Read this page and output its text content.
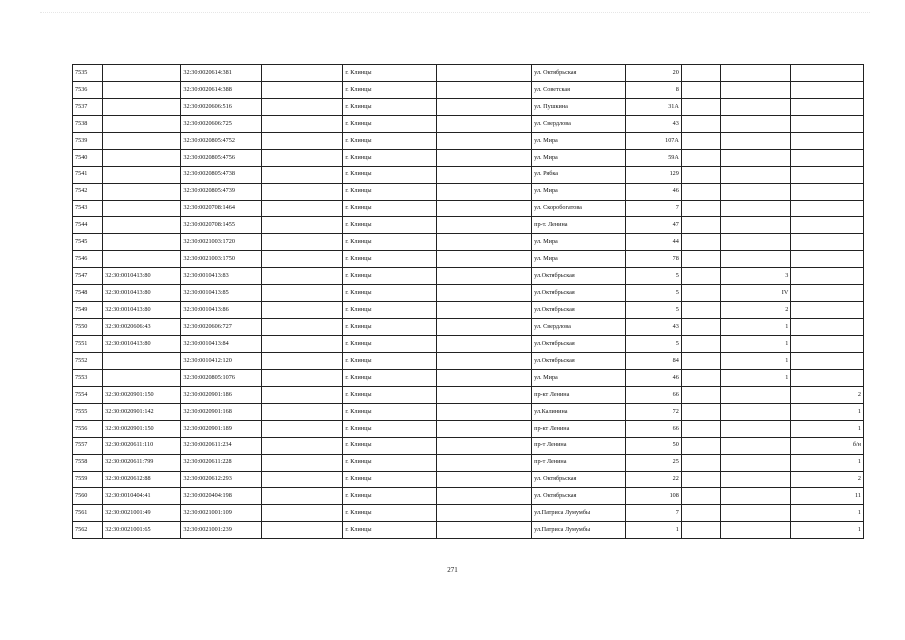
7535		32:30:0020614:381		г. Клинцы		ул. Октябрьская	20			
7536		32:30:0020614:388		г. Клинцы		ул. Советская	8			
7537		32:30:0020606:516		г. Клинцы		ул. Пушкина	31А			
7538		32:30:0020606:725		г. Клинцы		ул. Свердлова	43			
7539		32:30:0020805:4752		г. Клинцы		ул. Мира	107А			
7540		32:30:0020805:4756		г. Клинцы		ул. Мира	59А			
7541		32:30:0020805:4738		г. Клинцы		ул. Рябка	129			
7542		32:30:0020805:4739		г. Клинцы		ул. Мира	46			
7543		32:30:0020708:1464		г. Клинцы		ул. Скоробогатова	7			
7544		32:30:0020708:1455		г. Клинцы		пр-т. Ленина	47			
7545		32:30:0021003:1720		г. Клинцы		ул. Мира	44			
7546		32:30:0021003:1750		г. Клинцы		ул. Мира	78			
7547	32:30:0010413:80	32:30:0010413:83		г. Клинцы		ул.Октябрьская	5		3	
7548	32:30:0010413:80	32:30:0010413:85		г. Клинцы		ул.Октябрьская	5		IV	
7549	32:30:0010413:80	32:30:0010413:86		г. Клинцы		ул.Октябрьская	5		2	
7550	32:30:0020606:43	32:30:0020606:727		г. Клинцы		ул. Свердлова	43		1	
7551	32:30:0010413:80	32:30:0010413:84		г. Клинцы		ул.Октябрьская	5		1	
7552		32:30:0010412:120		г. Клинцы		ул.Октябрьская	84		1	
7553		32:30:0020805:1076		г. Клинцы		ул. Мира	46		1	
7554	32:30:0020901:150	32:30:0020901:186		г. Клинцы		пр-кт Ленина	66			2
7555	32:30:0020901:142	32:30:0020901:168		г. Клинцы		ул.Калинина	72			1
7556	32:30:0020901:150	32:30:0020901:189		г. Клинцы		пр-кт Ленина	66			1
7557	32:30:0020611:110	32:30:0020611:234		г. Клинцы		пр-т Ленина	50			б/н
7558	32:30:0020611:799	32:30:0020611:228		г. Клинцы		пр-т Ленина	25			1
7559	32:30:0020612:88	32:30:0020612:293		г. Клинцы		ул. Октябрьская	22			2
7560	32:30:0010404:41	32:30:0020404:198		г. Клинцы		ул. Октябрьская	108			11
7561	32:30:0021001:49	32:30:0021001:109		г. Клинцы		ул.Патриса Лумумбы	7			1
7562	32:30:0021001:65	32:30:0021001:239		г. Клинцы		ул.Патриса Лумумбы	1			1
271
